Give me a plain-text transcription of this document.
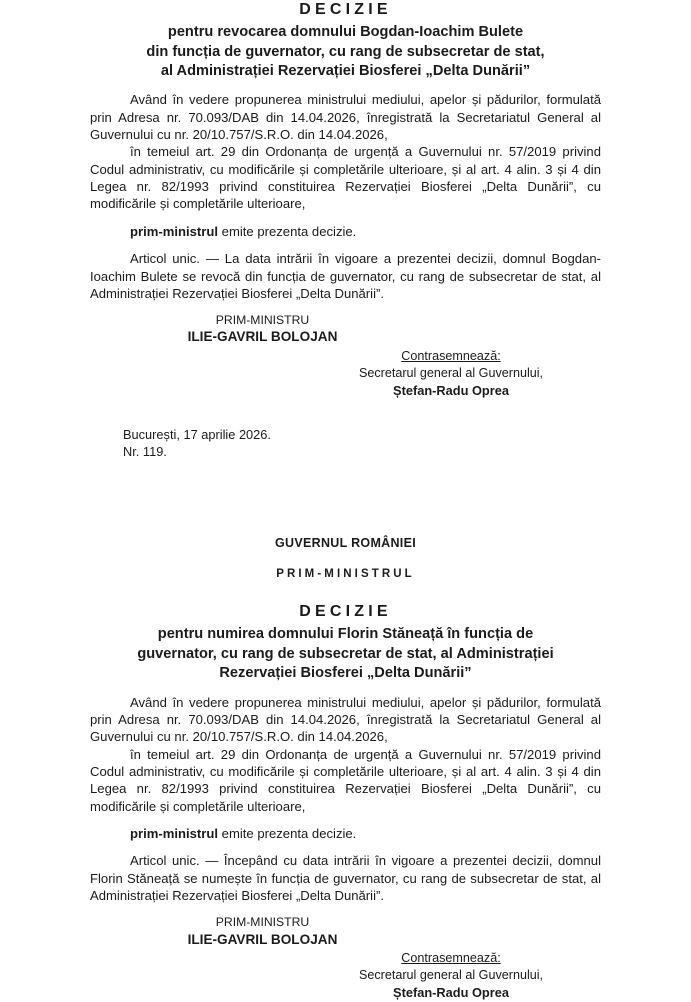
DECIZIE
pentru revocarea domnului Bogdan-Ioachim Bulete
din funcția de guvernator, cu rang de subsecretar de stat,
al Administrației Rezervației Biosferei „Delta Dunării”

Având în vedere propunerea ministrului mediului, apelor și pădurilor, formulată prin Adresa nr. 70.093/DAB din 14.04.2026, înregistrată la Secretariatul General al Guvernului cu nr. 20/10.757/S.R.O. din 14.04.2026,

în temeiul art. 29 din Ordonanța de urgență a Guvernului nr. 57/2019 privind Codul administrativ, cu modificările și completările ulterioare, și al art. 4 alin. 3 și 4 din Legea nr. 82/1993 privind constituirea Rezervației Biosferei „Delta Dunării”, cu modificările și completările ulterioare,

prim-ministrul emite prezenta decizie.

Articol unic. — La data intrării în vigoare a prezentei decizii, domnul Bogdan-Ioachim Bulete se revocă din funcția de guvernator, cu rang de subsecretar de stat, al Administrației Rezervației Biosferei „Delta Dunării”.

PRIM-MINISTRU
ILIE-GAVRIL BOLOJAN
Contrasemnează:
Secretarul general al Guvernului,
Ștefan-Radu Oprea
București, 17 aprilie 2026.
Nr. 119.
GUVERNUL ROMÂNIEI
PRIM-MINISTRUL
DECIZIE
pentru numirea domnului Florin Stăneață în funcția de
guvernator, cu rang de subsecretar de stat, al Administrației
Rezervației Biosferei „Delta Dunării”

Având în vedere propunerea ministrului mediului, apelor și pădurilor, formulată prin Adresa nr. 70.093/DAB din 14.04.2026, înregistrată la Secretariatul General al Guvernului cu nr. 20/10.757/S.R.O. din 14.04.2026,

în temeiul art. 29 din Ordonanța de urgență a Guvernului nr. 57/2019 privind Codul administrativ, cu modificările și completările ulterioare, și al art. 4 alin. 3 și 4 din Legea nr. 82/1993 privind constituirea Rezervației Biosferei „Delta Dunării”, cu modificările și completările ulterioare,

prim-ministrul emite prezenta decizie.

Articol unic. — Începând cu data intrării în vigoare a prezentei decizii, domnul Florin Stăneață se numește în funcția de guvernator, cu rang de subsecretar de stat, al Administrației Rezervației Biosferei „Delta Dunării”.

PRIM-MINISTRU
ILIE-GAVRIL BOLOJAN
Contrasemnează:
Secretarul general al Guvernului,
Ștefan-Radu Oprea
